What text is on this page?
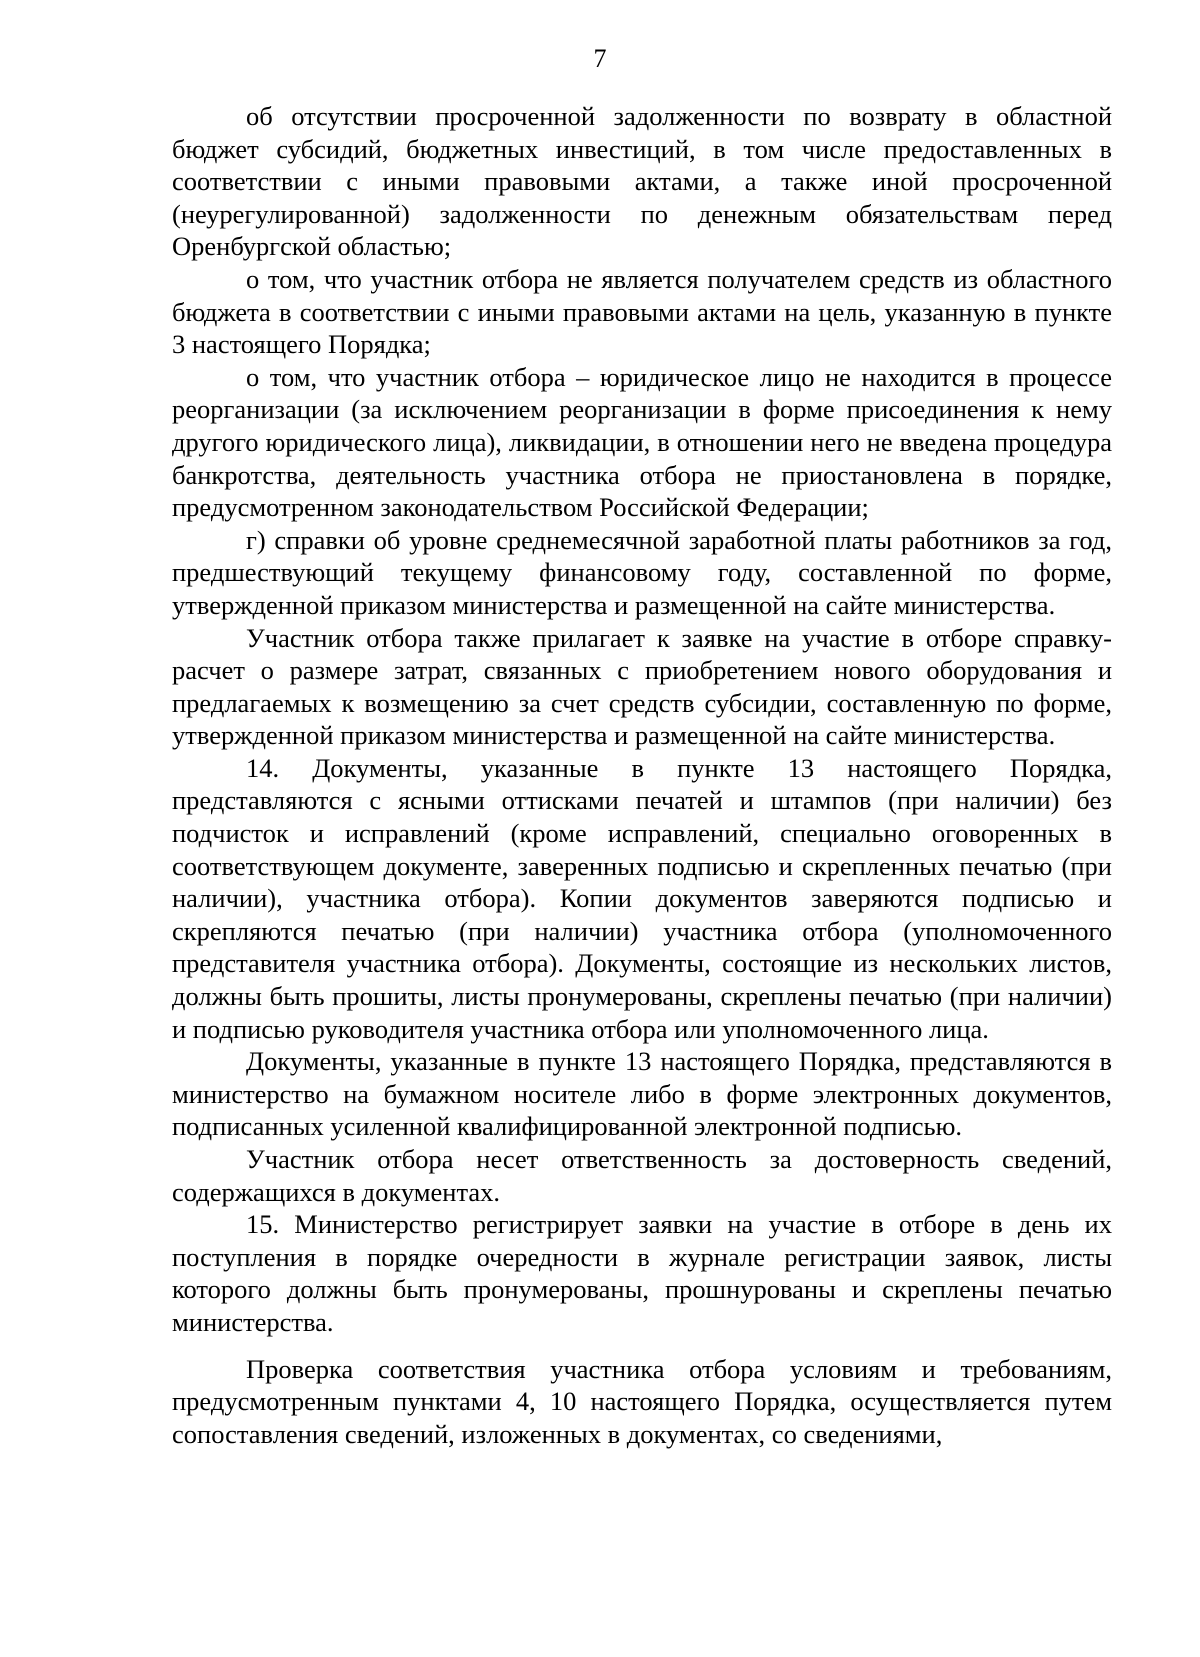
7

об отсутствии просроченной задолженности по возврату в областной бюджет субсидий, бюджетных инвестиций, в том числе предоставленных в соответствии с иными правовыми актами, а также иной просроченной (неурегулированной) задолженности по денежным обязательствам перед Оренбургской областью;

о том, что участник отбора не является получателем средств из областного бюджета в соответствии с иными правовыми актами на цель, указанную в пункте 3 настоящего Порядка;

о том, что участник отбора – юридическое лицо не находится в процессе реорганизации (за исключением реорганизации в форме присоединения к нему другого юридического лица), ликвидации, в отношении него не введена процедура банкротства, деятельность участника отбора не приостановлена в порядке, предусмотренном законодательством Российской Федерации;

г) справки об уровне среднемесячной заработной платы работников за год, предшествующий текущему финансовому году, составленной по форме, утвержденной приказом министерства и размещенной на сайте министерства.

Участник отбора также прилагает к заявке на участие в отборе справку-расчет о размере затрат, связанных с приобретением нового оборудования и предлагаемых к возмещению за счет средств субсидии, составленную по форме, утвержденной приказом министерства и размещенной на сайте министерства.

14. Документы, указанные в пункте 13 настоящего Порядка, представляются с ясными оттисками печатей и штампов (при наличии) без подчисток и исправлений (кроме исправлений, специально оговоренных в соответствующем документе, заверенных подписью и скрепленных печатью (при наличии), участника отбора). Копии документов заверяются подписью и скрепляются печатью (при наличии) участника отбора (уполномоченного представителя участника отбора). Документы, состоящие из нескольких листов, должны быть прошиты, листы пронумерованы, скреплены печатью (при наличии) и подписью руководителя участника отбора или уполномоченного лица.

Документы, указанные в пункте 13 настоящего Порядка, представляются в министерство на бумажном носителе либо в форме электронных документов, подписанных усиленной квалифицированной электронной подписью.

Участник отбора несет ответственность за достоверность сведений, содержащихся в документах.

15. Министерство регистрирует заявки на участие в отборе в день их поступления в порядке очередности в журнале регистрации заявок, листы которого должны быть пронумерованы, прошнурованы и скреплены печатью министерства.

Проверка соответствия участника отбора условиям и требованиям, предусмотренным пунктами 4, 10 настоящего Порядка, осуществляется путем сопоставления сведений, изложенных в документах, со сведениями,
